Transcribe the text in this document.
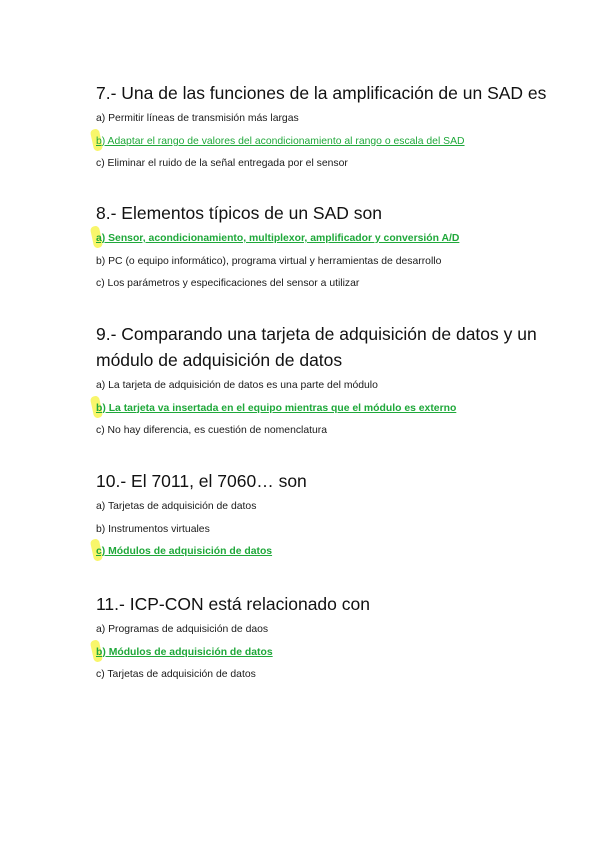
7.- Una de las funciones de la amplificación de un SAD es
a) Permitir líneas de transmisión más largas
b) Adaptar el rango de valores del acondicionamiento al rango o escala del SAD
c) Eliminar el ruido de la señal entregada por el sensor
8.- Elementos típicos de un SAD son
a) Sensor, acondicionamiento, multiplexor, amplificador y conversión A/D
b) PC (o equipo informático), programa virtual y herramientas de desarrollo
c) Los parámetros y especificaciones del sensor a utilizar
9.- Comparando una tarjeta de adquisición de datos y un
módulo de adquisición de datos
a) La tarjeta de adquisición de datos es una parte del módulo
b) La tarjeta va insertada en el equipo mientras que el módulo es externo
c) No hay diferencia, es cuestión de nomenclatura
10.- El 7011, el 7060… son
a) Tarjetas de adquisición de datos
b) Instrumentos virtuales
c) Módulos de adquisición de datos
11.- ICP-CON está relacionado con
a) Programas de adquisición de daos
b) Módulos de adquisición de datos
c) Tarjetas de adquisición de datos
